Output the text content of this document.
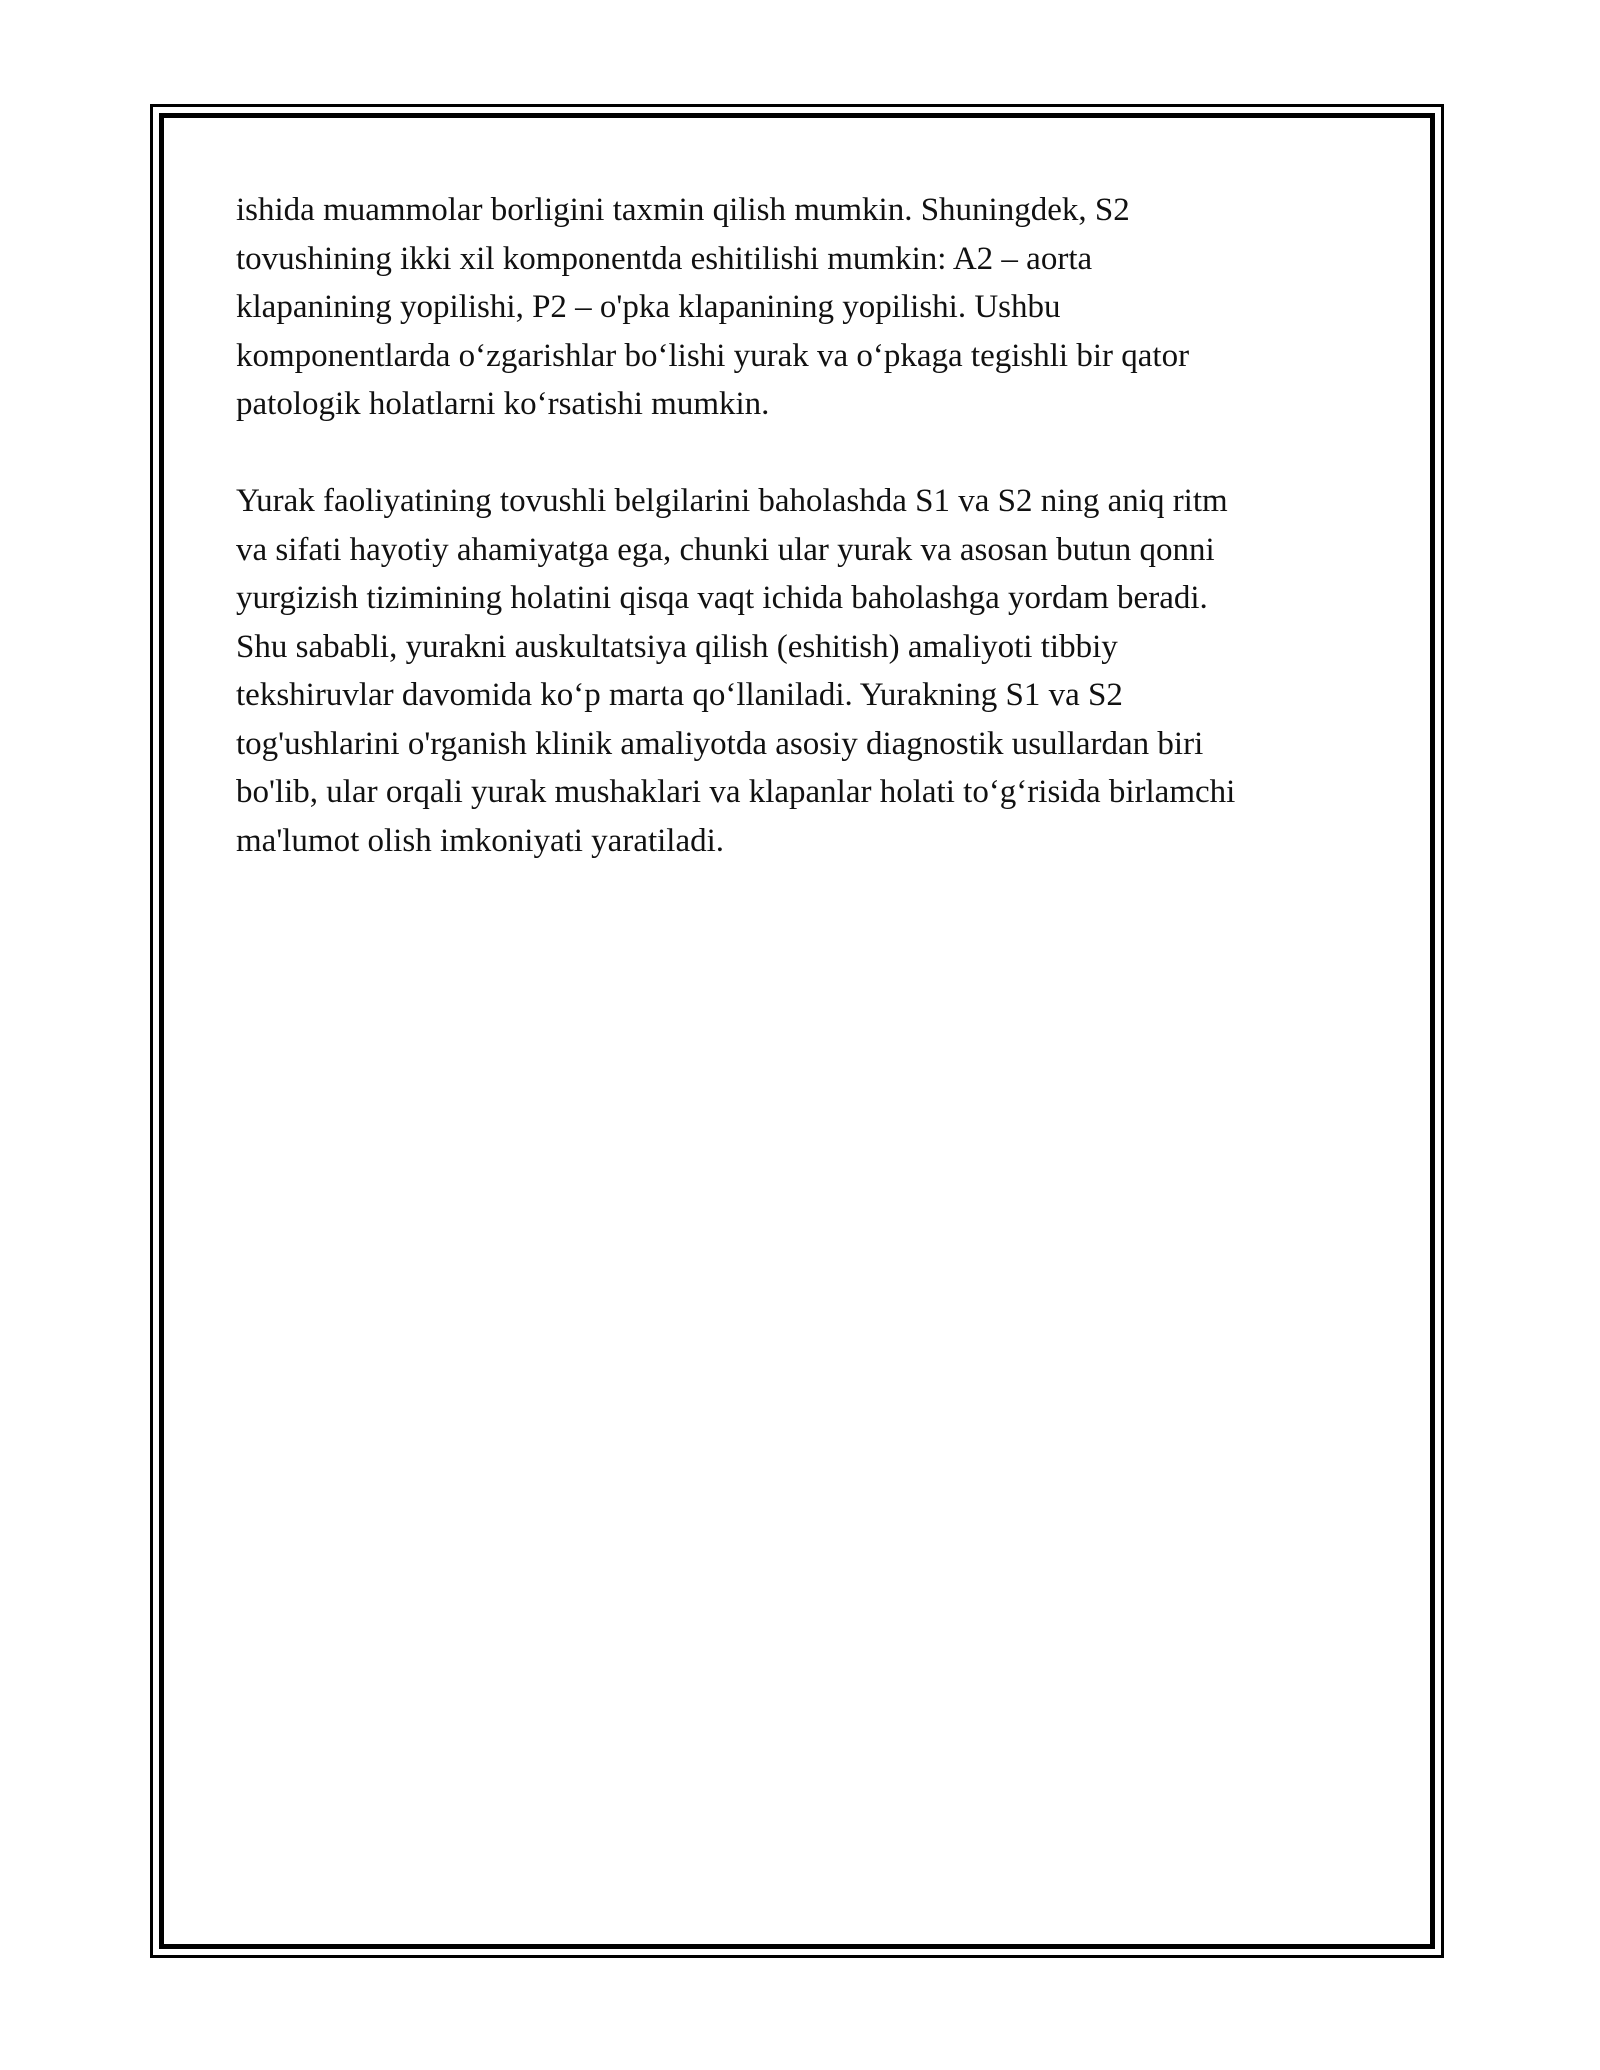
ishida muammolar borligini taxmin qilish mumkin. Shuningdek, S2
tovushining ikki xil komponentda eshitilishi mumkin: A2 – aorta
klapanining yopilishi, P2 – o'pka klapanining yopilishi. Ushbu
komponentlarda o‘zgarishlar bo‘lishi yurak va o‘pkaga tegishli bir qator
patologik holatlarni ko‘rsatishi mumkin.

Yurak faoliyatining tovushli belgilarini baholashda S1 va S2 ning aniq ritm
va sifati hayotiy ahamiyatga ega, chunki ular yurak va asosan butun qonni
yurgizish tizimining holatini qisqa vaqt ichida baholashga yordam beradi.
Shu sababli, yurakni auskultatsiya qilish (eshitish) amaliyoti tibbiy
tekshiruvlar davomida ko‘p marta qo‘llaniladi. Yurakning S1 va S2
tog'ushlarini o'rganish klinik amaliyotda asosiy diagnostik usullardan biri
bo'lib, ular orqali yurak mushaklari va klapanlar holati to‘g‘risida birlamchi
ma'lumot olish imkoniyati yaratiladi.
